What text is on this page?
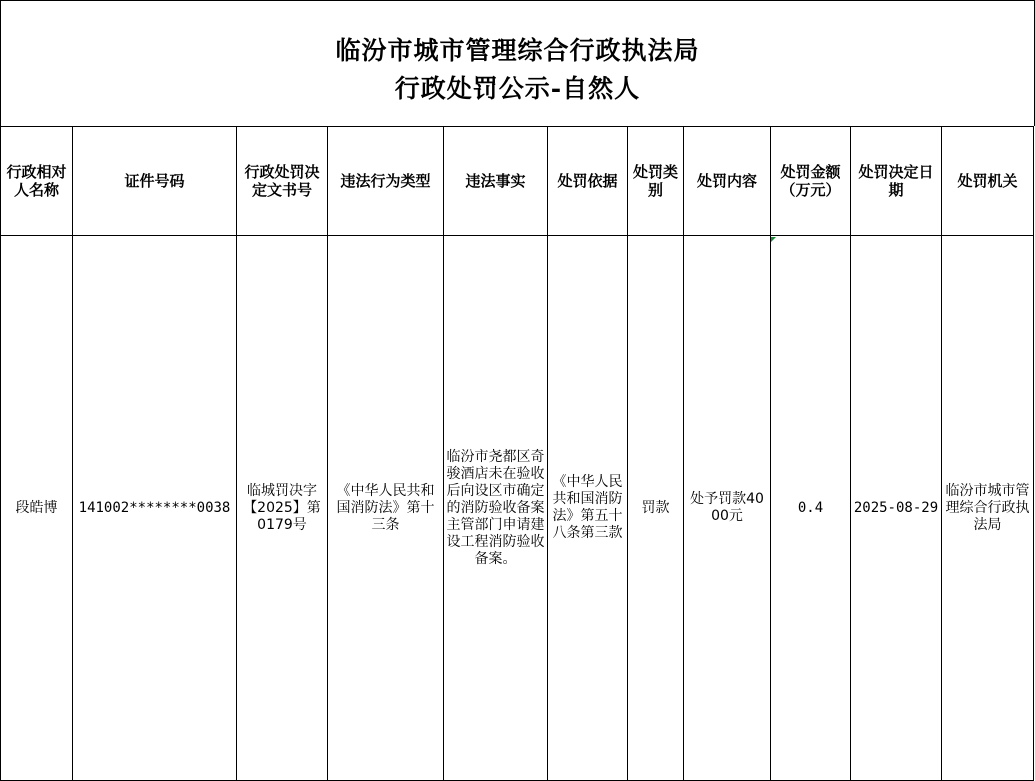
临汾市城市管理综合行政执法局
行政处罚公示-自然人
行政相对人名称	证件号码	行政处罚决定文书号	违法行为类型	违法事实	处罚依据	处罚类别	处罚内容	处罚金额（万元）	处罚决定日期	处罚机关
段皓博	141002********0038	临城罚决字【2025】第0179号	《中华人民共和国消防法》第十三条	临汾市尧都区奇骏酒店未在验收后向设区市确定的消防验收备案主管部门申请建设工程消防验收备案。	《中华人民共和国消防法》第五十八条第三款	罚款	处予罚款4000元	0.4	2025-08-29	临汾市城市管理综合行政执法局
